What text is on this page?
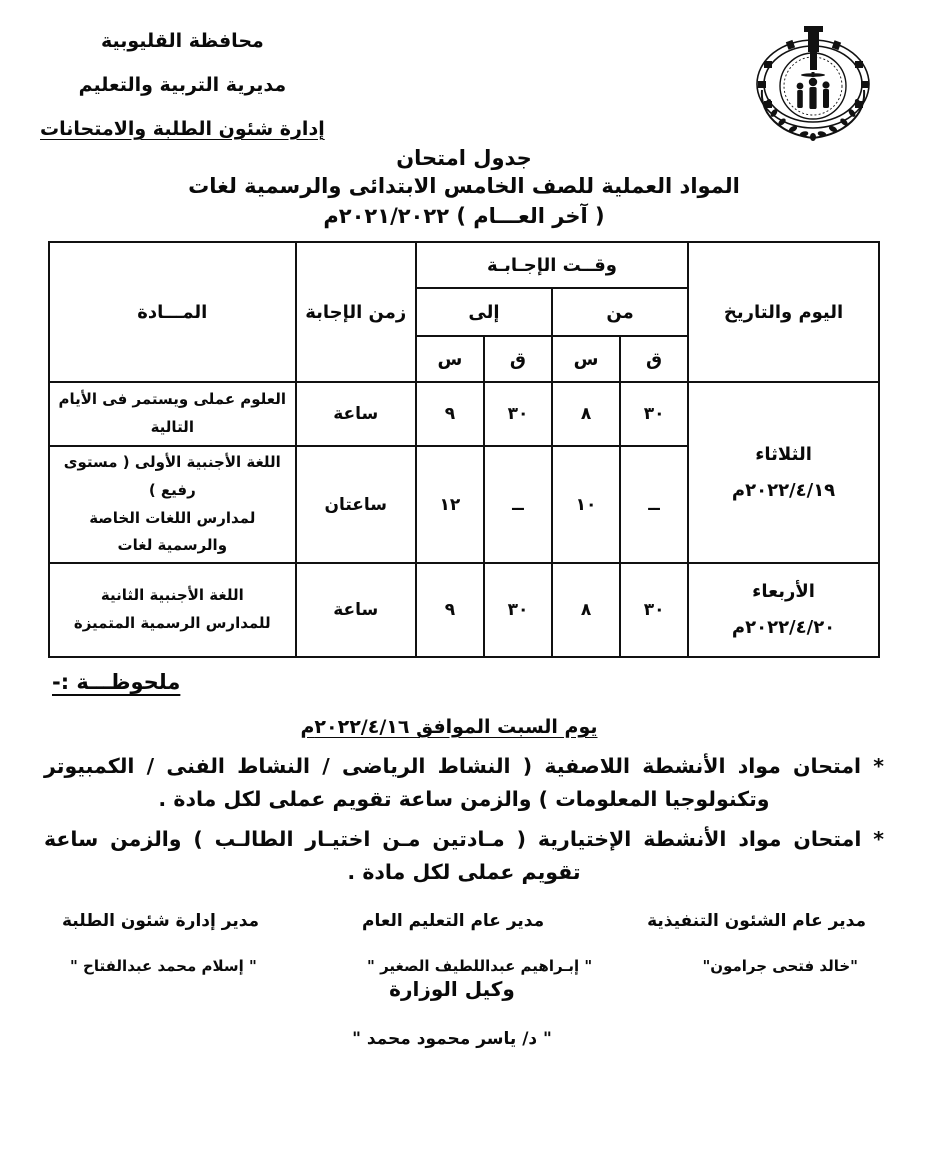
محافظة القليوبية
مديرية التربية والتعليم
إدارة شئون الطلبة والامتحانات
جدول امتحان
المواد العملية للصف الخامس الابتدائى والرسمية لغات
( آخر العـــام ) ٢٠٢١/٢٠٢٢م
اليوم والتاريخ	وقــت الإجـابـة				زمن الإجابة	المـــادة
	من		إلى			
	ق	س	ق	س		

الثلاثاء
٢٠٢٢/٤/١٩م	٣٠	٨	٣٠	٩	ساعة	العلوم عملى ويستمر فى الأيام التالية

	ــ	١٠	ــ	١٢	ساعتان	اللغة الأجنبية الأولى ( مستوى رفيع )
لمدارس اللغات الخاصة والرسمية لغات

الأربعاء
٢٠٢٢/٤/٢٠م
	٣٠	٨	٣٠	٩	ساعة	
اللغة الأجنبية الثانية
للمدارس الرسمية المتميزة
ملحوظـــة :-
يوم السبت الموافق ٢٠٢٢/٤/١٦م
* امتحان مواد الأنشطة اللاصفية ( النشاط الرياضى / النشاط الفنى / الكمبيوتر وتكنولوجيا المعلومات ) والزمن ساعة تقويم عملى لكل مادة .
* امتحان مواد الأنشطة الإختيارية ( مـادتين مـن اختيـار الطالـب ) والزمن ساعة تقويم عملى لكل مادة .
مدير عام الشئون التنفيذية
مدير عام التعليم العام
مدير إدارة شئون الطلبة
"خالد فتحى جرامون"
" إبـراهيم عبداللطيف الصغير "
" إسلام محمد عبدالفتاح "
وكيل الوزارة
" د/ ياسر محمود محمد "
